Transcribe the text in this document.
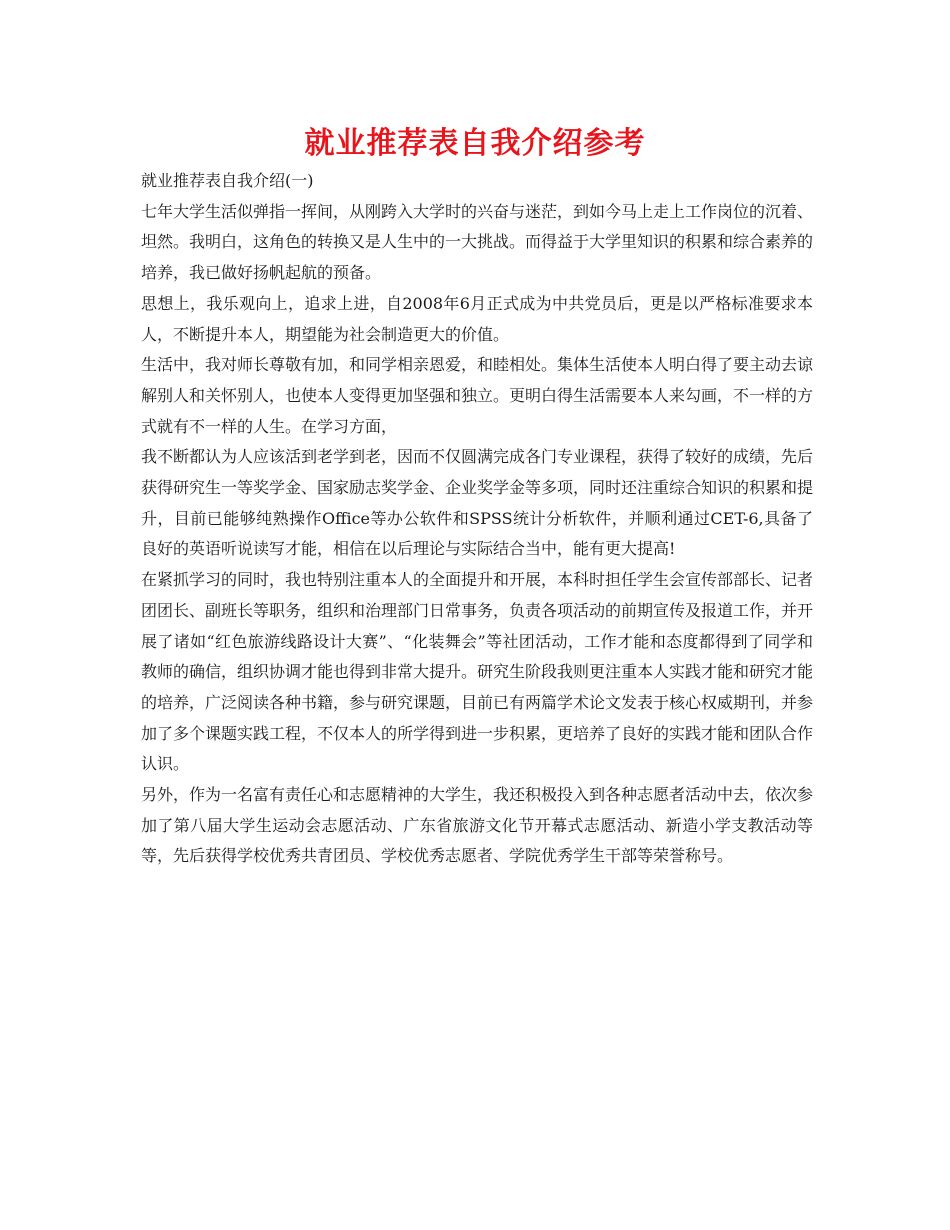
就业推荐表自我介绍参考

就业推荐表自我介绍(一)

七年大学生活似弹指一挥间，从刚跨入大学时的兴奋与迷茫，到如今马上走上工作岗位的沉着、坦然。我明白，这角色的转换又是人生中的一大挑战。而得益于大学里知识的积累和综合素养的培养，我已做好扬帆起航的预备。

思想上，我乐观向上，追求上进，自2008年6月正式成为中共党员后，更是以严格标准要求本人，不断提升本人，期望能为社会制造更大的价值。

生活中，我对师长尊敬有加，和同学相亲恩爱，和睦相处。集体生活使本人明白得了要主动去谅解别人和关怀别人，也使本人变得更加坚强和独立。更明白得生活需要本人来勾画，不一样的方式就有不一样的人生。在学习方面，

我不断都认为人应该活到老学到老，因而不仅圆满完成各门专业课程，获得了较好的成绩，先后获得研究生一等奖学金、国家励志奖学金、企业奖学金等多项，同时还注重综合知识的积累和提升，目前已能够纯熟操作Office等办公软件和SPSS统计分析软件，并顺利通过CET-6,具备了良好的英语听说读写才能，相信在以后理论与实际结合当中，能有更大提高!

在紧抓学习的同时，我也特别注重本人的全面提升和开展，本科时担任学生会宣传部部长、记者团团长、副班长等职务，组织和治理部门日常事务，负责各项活动的前期宣传及报道工作，并开展了诸如“红色旅游线路设计大赛”、“化装舞会”等社团活动，工作才能和态度都得到了同学和教师的确信，组织协调才能也得到非常大提升。研究生阶段我则更注重本人实践才能和研究才能的培养，广泛阅读各种书籍，参与研究课题，目前已有两篇学术论文发表于核心权威期刊，并参加了多个课题实践工程，不仅本人的所学得到进一步积累，更培养了良好的实践才能和团队合作认识。

另外，作为一名富有责任心和志愿精神的大学生，我还积极投入到各种志愿者活动中去，依次参加了第八届大学生运动会志愿活动、广东省旅游文化节开幕式志愿活动、新造小学支教活动等等，先后获得学校优秀共青团员、学校优秀志愿者、学院优秀学生干部等荣誉称号。
